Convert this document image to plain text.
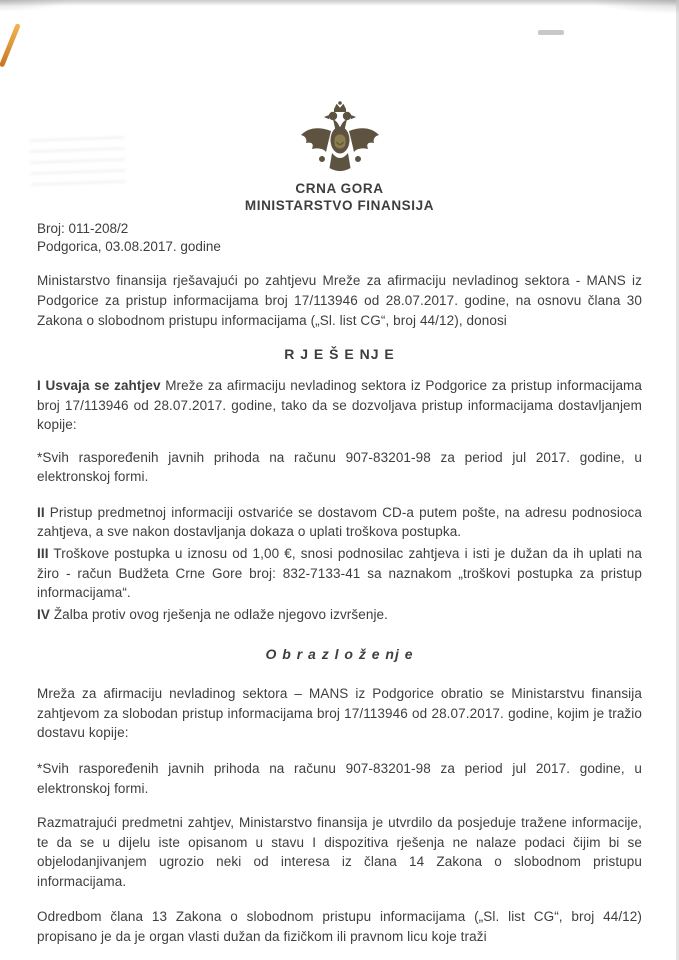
CRNA GORA
MINISTARSTVO FINANSIJA
Broj: 011-208/2
Podgorica, 03.08.2017. godine

Ministarstvo finansija rješavajući po zahtjevu Mreže za afirmaciju nevladinog sektora - MANS iz Podgorice za pristup informacijama broj 17/113946 od 28.07.2017. godine, na osnovu člana 30 Zakona o slobodnom pristupu informacijama („Sl. list CG“, broj 44/12), donosi

R J E Š E NJ E

I Usvaja se zahtjev Mreže za afirmaciju nevladinog sektora iz Podgorice za pristup informacijama broj 17/113946 od 28.07.2017. godine, tako da se dozvoljava pristup informacijama dostavljanjem kopije:

*Svih raspoređenih javnih prihoda na računu 907-83201-98 za period jul 2017. godine, u elektronskoj formi.

II Pristup predmetnoj informaciji ostvariće se dostavom CD-a putem pošte, na adresu podnosioca zahtjeva, a sve nakon dostavljanja dokaza o uplati troškova postupka.

III Troškove postupka u iznosu od 1,00 €, snosi podnosilac zahtjeva i isti je dužan da ih uplati na žiro - račun Budžeta Crne Gore broj: 832-7133-41 sa naznakom „troškovi postupka za pristup informacijama“.

IV Žalba protiv ovog rješenja ne odlaže njegovo izvršenje.

O b r a z l o ž e nj e

Mreža za afirmaciju nevladinog sektora – MANS iz Podgorice obratio se Ministarstvu finansija zahtjevom za slobodan pristup informacijama broj 17/113946 od 28.07.2017. godine, kojim je tražio dostavu kopije:

*Svih raspoređenih javnih prihoda na računu 907-83201-98 za period jul 2017. godine, u elektronskoj formi.

Razmatrajući predmetni zahtjev, Ministarstvo finansija je utvrdilo da posjeduje tražene informacije, te da se u dijelu iste opisanom u stavu I dispozitiva rješenja ne nalaze podaci čijim bi se objelodanjivanjem ugrozio neki od interesa iz člana 14 Zakona o slobodnom pristupu informacijama.

Odredbom člana 13 Zakona o slobodnom pristupu informacijama („Sl. list CG“, broj 44/12) propisano je da je organ vlasti dužan da fizičkom ili pravnom licu koje traži
